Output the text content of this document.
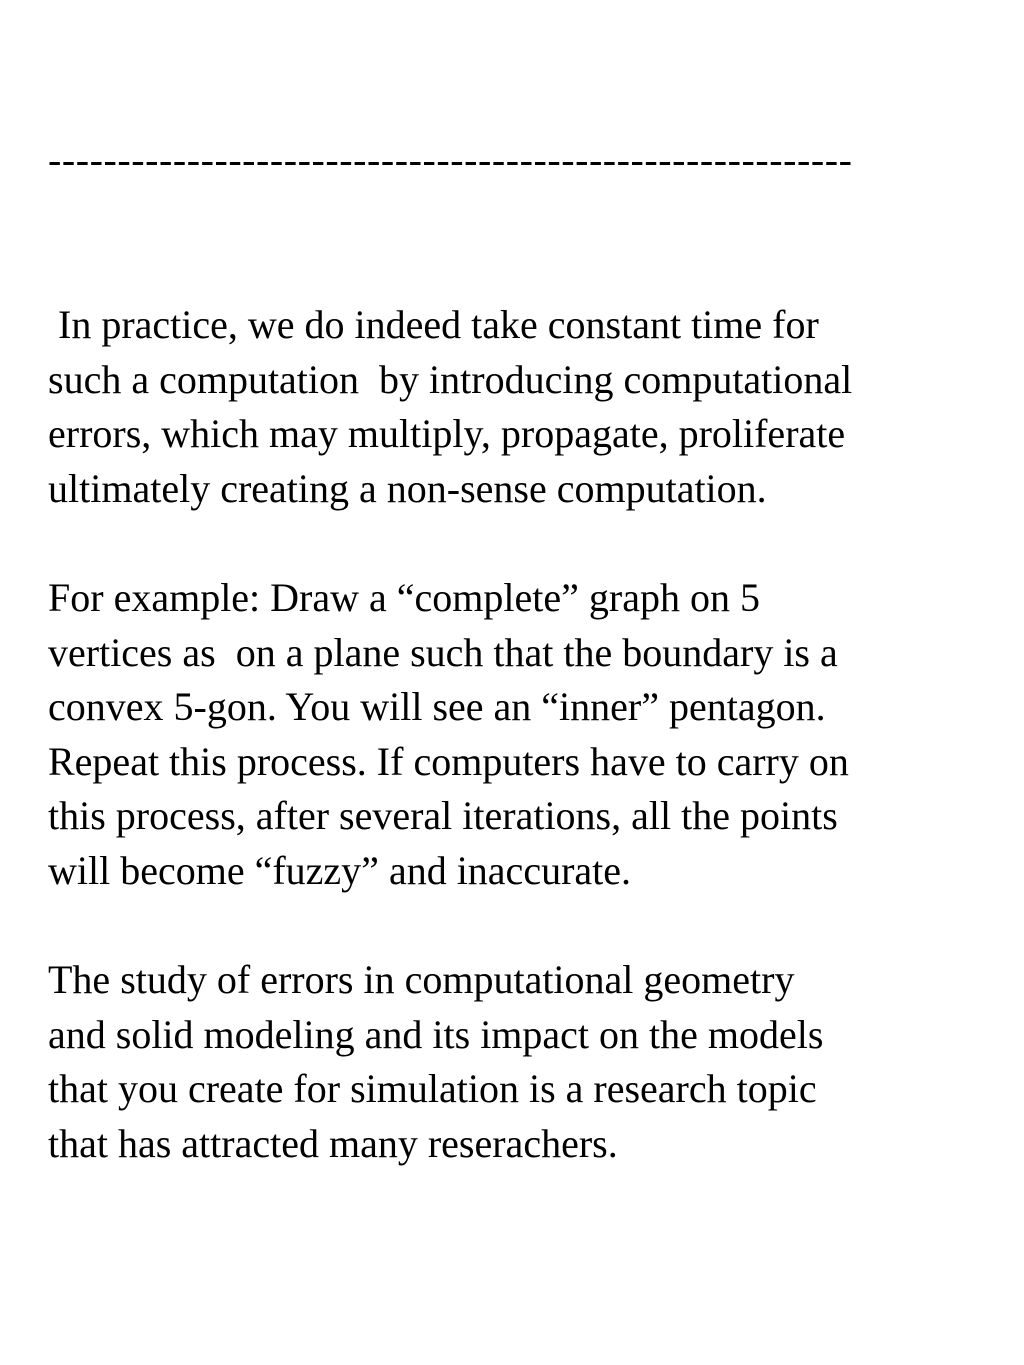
----------------------------------------------------------
In practice, we do indeed take constant time for
such a computation  by introducing computational
errors, which may multiply, propagate, proliferate
ultimately creating a non-sense computation.
For example: Draw a “complete” graph on 5
vertices as  on a plane such that the boundary is a
convex 5-gon. You will see an “inner” pentagon.
Repeat this process. If computers have to carry on
this process, after several iterations, all the points
will become “fuzzy” and inaccurate.
The study of errors in computational geometry
and solid modeling and its impact on the models
that you create for simulation is a research topic
that has attracted many reserachers.
